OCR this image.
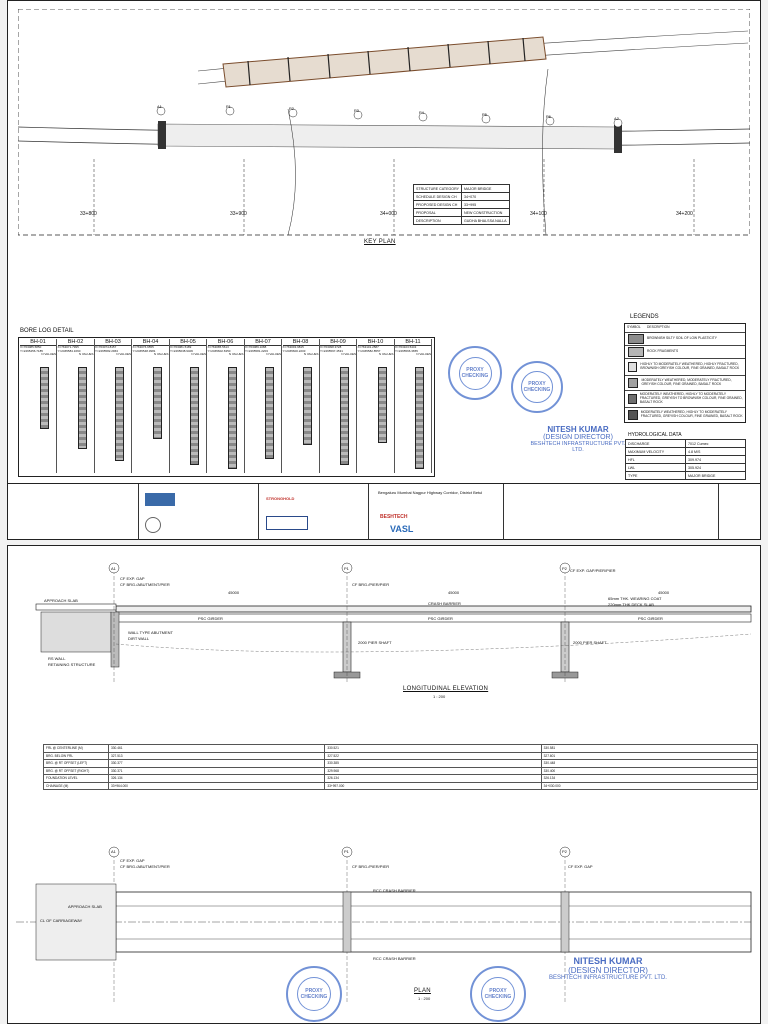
A1	P1	P2	P3	P4	P5	P6	A2
33+800	33+900	34+000	34+100	34+200
STRUCTURE CATEGORY	MAJOR BRIDGE
SCHEDULE DESIGN CH	34+070
PROPOSED DESIGN CH	33+995
PROPOSAL	NEW CONSTRUCTION
DESCRIPTION	GUDHA BHALSSA NALLA
KEY PLAN
BORE LOG DETAIL
LEGENDS
SYMBOL	DESCRIPTION
BROWNISH SILTY SOIL OF LOW PLASTICITY
ROCK FRAGMENTS
HIGHLY TO MODERATELY WEATHERED, HIGHLY FRACTURED, BROWNISH GREYISH COLOUR, FINE GRAINED, BASALT ROCK
MODERATELY WEATHERED, MODERATELY FRACTURED, GREYISH COLOUR, FINE GRAINED, BASALT ROCK
MODERATELY WEATHERED, HIGHLY TO MODERATELY FRACTURED, GREYISH TO BROWNISH COLOUR, FINE GRAINED, BASALT ROCK
MODERATELY WEATHERED, HIGHLY TO MODERATELY FRACTURED, GREYISH COLOUR, FINE GRAINED, BASALT ROCK
HYDROLOGICAL DATA
DISCHARGE	7012 Cumec
MAXIMUM VELOCITY	4.8 M/S
HFL	309.974
LWL	305.924
TYPE	MAJOR BRIDGE
PROXY CHECKING
PROXY CHECKING
NITESH KUMAR
(DESIGN DIRECTOR)
BESHTECH INFRASTRUCTURE PVT. LTD.
STRONGHOLD
Bengaluru Mumbai Nagpur Highway Corridor, District Betul
BESHTECH
VASL
BH-01
X=763085.5850
Y=2465456.7185
N VALUES
BH-02
X=763071.7995
Y=2465584.1660
N VALUES
BH-03
X=763074.8157
Y=2465582.2963
N VALUES
BH-04
X=763076.6555
Y=2465548.3981
N VALUES
BH-05
X=763081.5189
Y=2465638.9406
N VALUES
BH-06
X=763085.5613
Y=2465602.6350
N VALUES
BH-07
X=763089.1088
Y=2465581.2203
N VALUES
BH-08
X=763093.9815
Y=2465600.2203
N VALUES
BH-09
X=763098.3728
Y=2465597.4531
N VALUES
BH-10
X=763101.2587
Y=2465582.8557
N VALUES
BH-11
X=763103.5443
Y=2465566.3655
N VALUES
A1	P1	P2
CF EXP. GAP
CF BRG./ABUTMENT/PIER	CF BRG./PIER/PIER
CF EXP. GAP/PIER/PIER
CRASH BARRIER
65mm THK. WEARING COAT
220mm THK DECK SLAB
PSC GIRDER	PSC GIRDER	PSC GIRDER
APPROACH SLAB
WALL TYPE ABUTMENT
DIRT WALL
2000 PIER SHAFT	2000 PIER SHAFT
RS WALL
RETAINING STRUCTURE
45000	45000	45000
LONGITUDINAL ELEVATION
1 : 200
FRL @ CENTERLINE (M)	330.461	330.521	330.581
BRG. BELOW FRL	327.513	327.522	327.601
BRG. @ RT OFFSET (LEFT)	330.377	330.385	330.448
BRG. @ RT OFFSET (RIGHT)	330.371	329.968	330.400
FOUNDATION LEVEL	326.134	326.134	326.134
CHAINAGE (M)	33+964.000	33+997.000	34+030.000
A1	P1	P2
CF EXP. GAP
CF BRG./ABUTMENT/PIER	CF BRG./PIER/PIER	CF EXP. GAP
RCC CRASH BARRIER
RCC CRASH BARRIER
CL OF CARRIAGEWAY
APPROACH SLAB
PLAN
1 : 200
PROXY CHECKING
PROXY CHECKING
NITESH KUMAR
(DESIGN DIRECTOR)
BESHTECH INFRASTRUCTURE PVT. LTD.
